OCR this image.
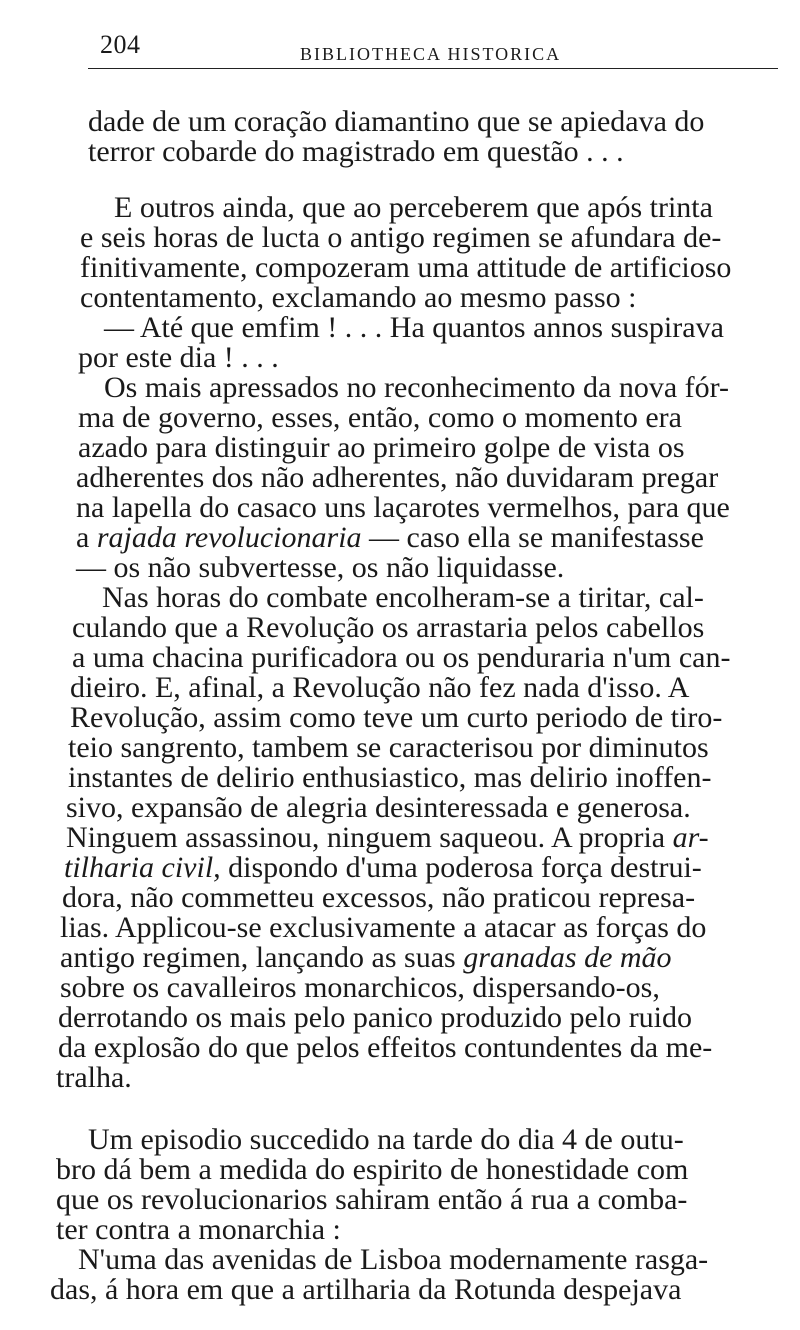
204	BIBLIOTHECA HISTORICA
dade de um coração diamantino que se apiedava do
terror cobarde do magistrado em questão . . .
E outros ainda, que ao perceberem que após trinta
e seis horas de lucta o antigo regimen se afundara de-
finitivamente, compozeram uma attitude de artificioso
contentamento, exclamando ao mesmo passo :
— Até que emfim ! . . . Ha quantos annos suspirava
por este dia ! . . .
Os mais apressados no reconhecimento da nova fór-
ma de governo, esses, então, como o momento era
azado para distinguir ao primeiro golpe de vista os
adherentes dos não adherentes, não duvidaram pregar
na lapella do casaco uns laçarotes vermelhos, para que
a rajada revolucionaria — caso ella se manifestasse
— os não subvertesse, os não liquidasse.
Nas horas do combate encolheram-se a tiritar, cal-
culando que a Revolução os arrastaria pelos cabellos
a uma chacina purificadora ou os penduraria n'um can-
dieiro. E, afinal, a Revolução não fez nada d'isso. A
Revolução, assim como teve um curto periodo de tiro-
teio sangrento, tambem se caracterisou por diminutos
instantes de delirio enthusiastico, mas delirio inoffen-
sivo, expansão de alegria desinteressada e generosa.
Ninguem assassinou, ninguem saqueou. A propria ar-
tilharia civil, dispondo d'uma poderosa força destrui-
dora, não commetteu excessos, não praticou represa-
lias. Applicou-se exclusivamente a atacar as forças do
antigo regimen, lançando as suas granadas de mão
sobre os cavalleiros monarchicos, dispersando-os,
derrotando os mais pelo panico produzido pelo ruido
da explosão do que pelos effeitos contundentes da me-
tralha.
Um episodio succedido na tarde do dia 4 de outu-
bro dá bem a medida do espirito de honestidade com
que os revolucionarios sahiram então á rua a comba-
ter contra a monarchia :
N'uma das avenidas de Lisboa modernamente rasga-
das, á hora em que a artilharia da Rotunda despejava
